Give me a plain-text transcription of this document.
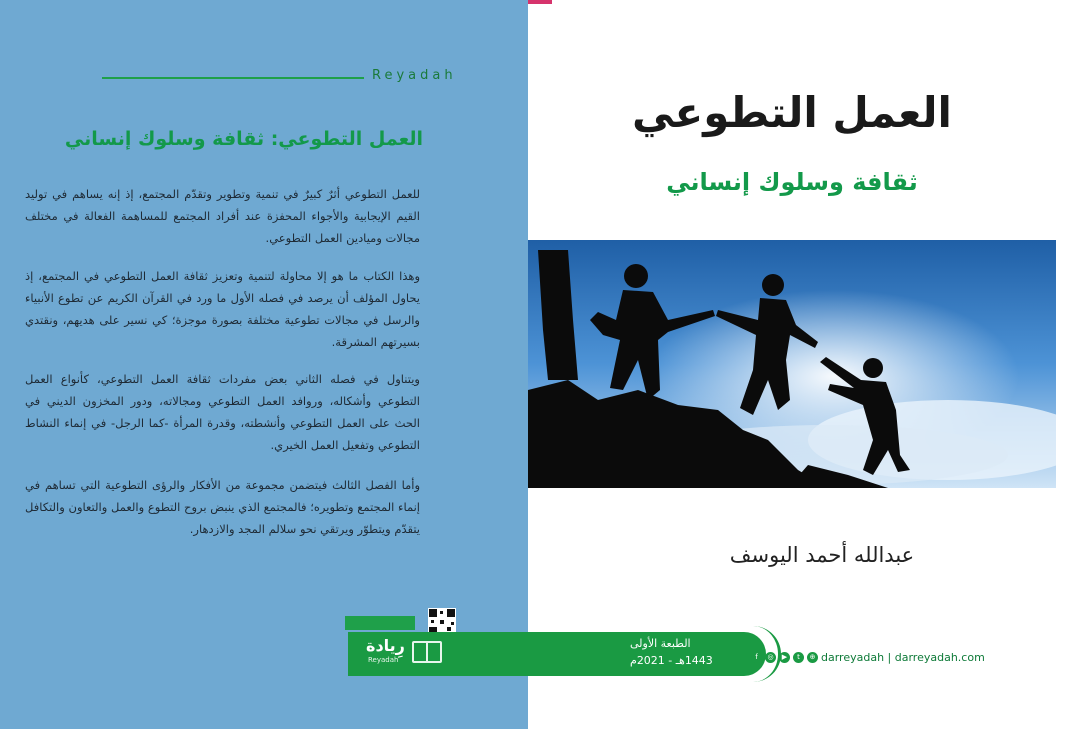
Reyadah
العمل التطوعي: ثقافة وسلوك إنساني
للعمل التطوعي أثرٌ كبيرٌ في تنمية وتطوير وتقدّم المجتمع، إذ إنه يساهم في توليد القيم الإيجابية والأجواء المحفزة عند أفراد المجتمع للمساهمة الفعالة في مختلف مجالات وميادين العمل التطوعي.
وهذا الكتاب ما هو إلا محاولة لتنمية وتعزيز ثقافة العمل التطوعي في المجتمع، إذ يحاول المؤلف أن يرصد في فصله الأول ما ورد في القرآن الكريم عن تطوع الأنبياء والرسل في مجالات تطوعية مختلفة بصورة موجزة؛ كي نسير على هديهم، ونقتدي بسيرتهم المشرقة.
ويتناول في فصله الثاني بعض مفردات ثقافة العمل التطوعي، كأنواع العمل التطوعي وأشكاله، وروافد العمل التطوعي ومجالاته، ودور المخزون الديني في الحث على العمل التطوعي وأنشطته، وقدرة المرأة -كما الرجل- في إنماء النشاط التطوعي وتفعيل العمل الخيري.
وأما الفصل الثالث فيتضمن مجموعة من الأفكار والرؤى التطوعية التي تساهم في إنماء المجتمع وتطويره؛ فالمجتمع الذي ينبض بروح التطوع والعمل والتعاون والتكافل يتقدّم ويتطوّر ويرتقي نحو سلالم المجد والازدهار.
العمل التطوعي
ثقافة وسلوك إنساني
عبدالله أحمد اليوسف
رِيادة
Reyadah
الطبعة الأولى
1443هـ - 2021م	f	◎	▶	t	⊕ darreyadah | darreyadah.com
